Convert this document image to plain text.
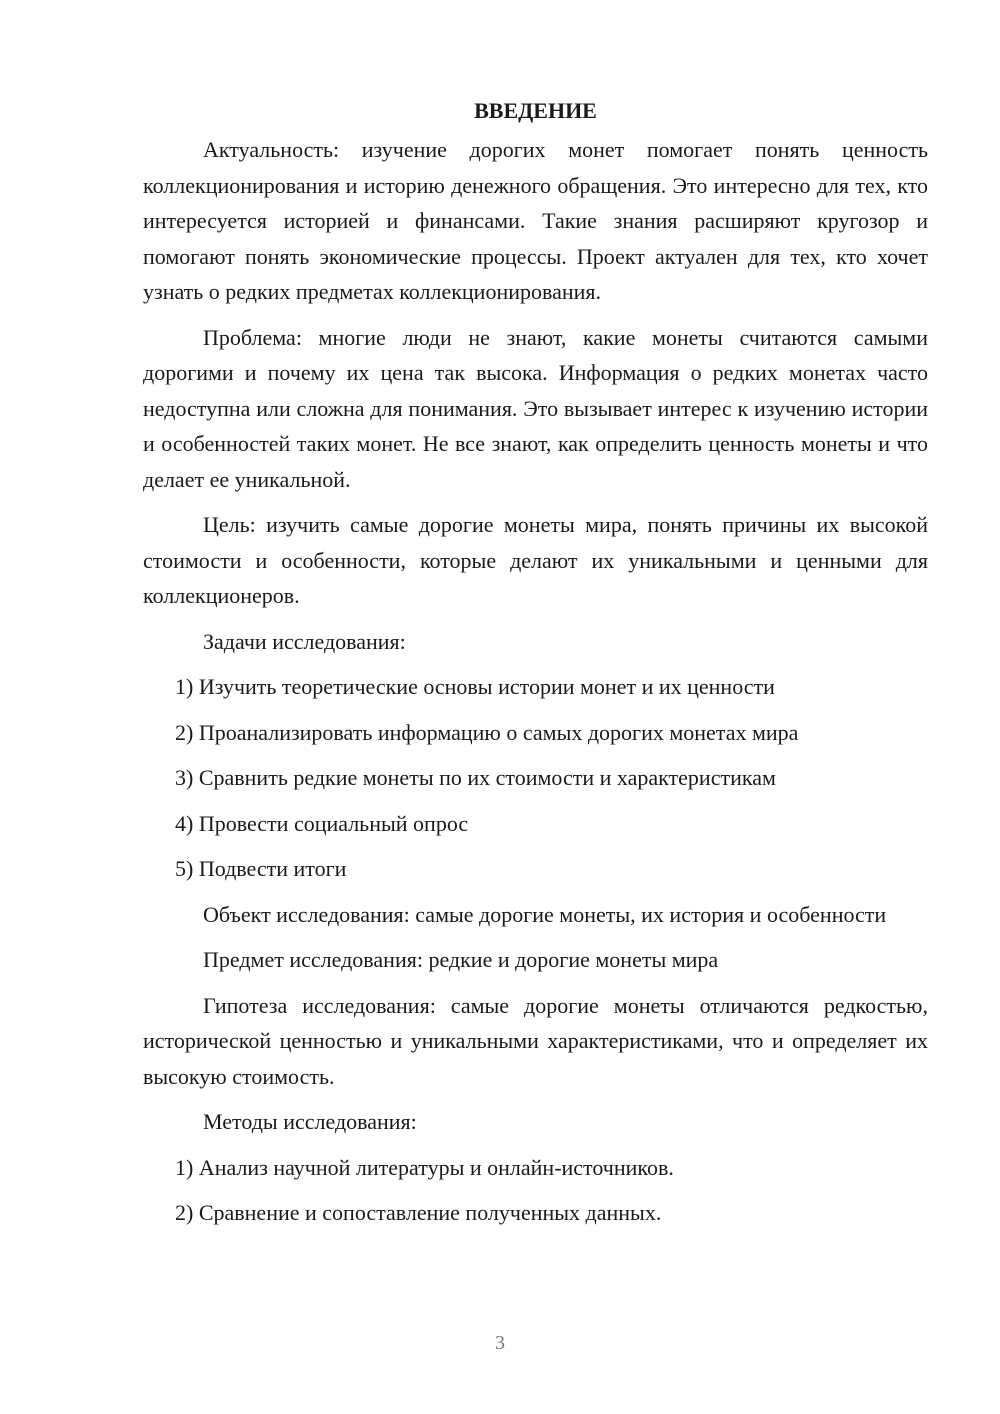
ВВЕДЕНИЕ

Актуальность: изучение дорогих монет помогает понять ценность коллекционирования и историю денежного обращения. Это интересно для тех, кто интересуется историей и финансами. Такие знания расширяют кругозор и помогают понять экономические процессы. Проект актуален для тех, кто хочет узнать о редких предметах коллекционирования.

Проблема: многие люди не знают, какие монеты считаются самыми дорогими и почему их цена так высока. Информация о редких монетах часто недоступна или сложна для понимания. Это вызывает интерес к изучению истории и особенностей таких монет. Не все знают, как определить ценность монеты и что делает ее уникальной.

Цель: изучить самые дорогие монеты мира, понять причины их высокой стоимости и особенности, которые делают их уникальными и ценными для коллекционеров.

Задачи исследования:

1) Изучить теоретические основы истории монет и их ценности
2) Проанализировать информацию о самых дорогих монетах мира
3) Сравнить редкие монеты по их стоимости и характеристикам
4) Провести социальный опрос
5) Подвести итоги

Объект исследования: самые дорогие монеты, их история и особенности

Предмет исследования: редкие и дорогие монеты мира

Гипотеза исследования: самые дорогие монеты отличаются редкостью, исторической ценностью и уникальными характеристиками, что и определяет их высокую стоимость.

Методы исследования:

1) Анализ научной литературы и онлайн-источников.
2) Сравнение и сопоставление полученных данных.
3
